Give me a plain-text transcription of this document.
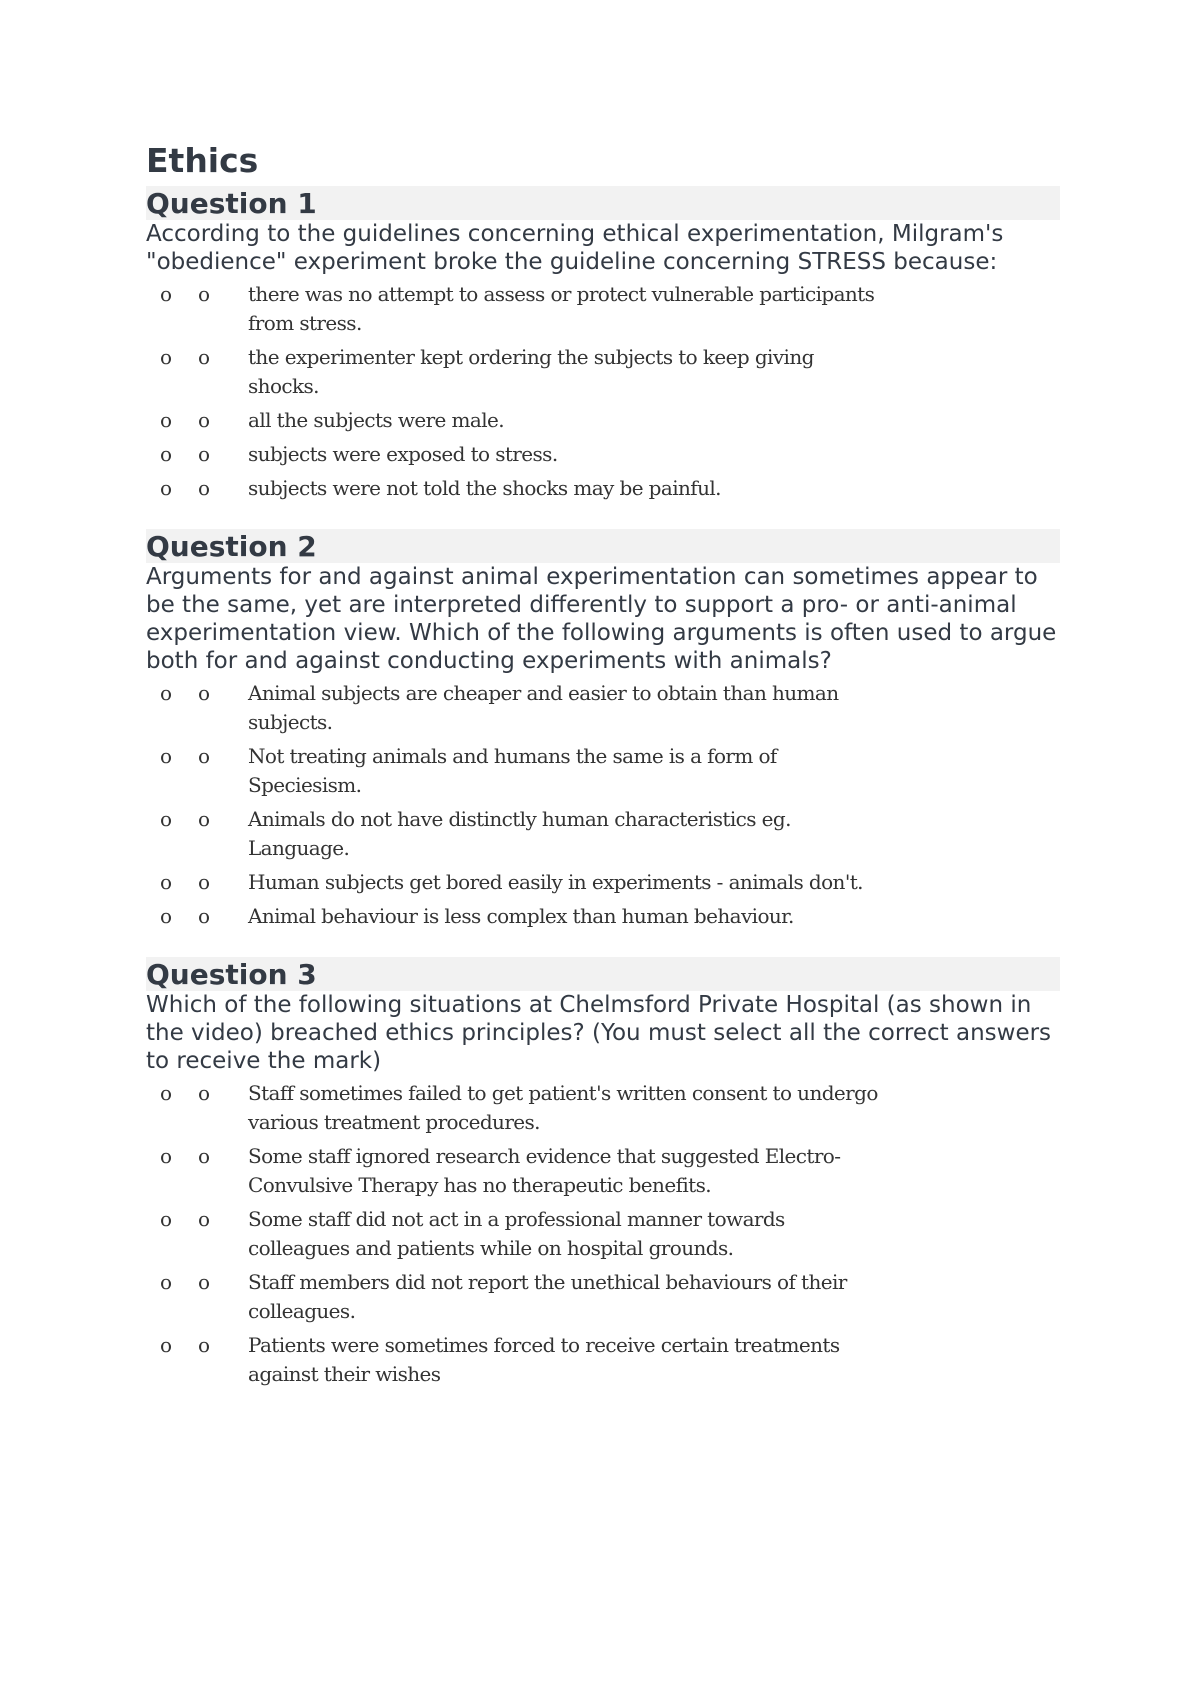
Ethics
Question 1

According to the guidelines concerning ethical experimentation, Milgram's "obedience" experiment broke the guideline concerning STRESS because:

o	o	there was no attempt to assess or protect vulnerable participants from stress.
o	o	the experimenter kept ordering the subjects to keep giving shocks.
o	o	all the subjects were male.
o	o	subjects were exposed to stress.
o	o	subjects were not told the shocks may be painful.
Question 2

Arguments for and against animal experimentation can sometimes appear to be the same, yet are interpreted differently to support a pro- or anti-animal experimentation view. Which of the following arguments is often used to argue both for and against conducting experiments with animals?

o	o	Animal subjects are cheaper and easier to obtain than human subjects.
o	o	Not treating animals and humans the same is a form of Speciesism.
o	o	Animals do not have distinctly human characteristics eg. Language.
o	o	Human subjects get bored easily in experiments - animals don't.
o	o	Animal behaviour is less complex than human behaviour.
Question 3

Which of the following situations at Chelmsford Private Hospital (as shown in the video) breached ethics principles? (You must select all the correct answers to receive the mark)

o	o	Staff sometimes failed to get patient's written consent to undergo various treatment procedures.
o	o	Some staff ignored research evidence that suggested Electro-Convulsive Therapy has no therapeutic benefits.
o	o	Some staff did not act in a professional manner towards colleagues and patients while on hospital grounds.
o	o	Staff members did not report the unethical behaviours of their colleagues.
o	o	Patients were sometimes forced to receive certain treatments against their wishes
